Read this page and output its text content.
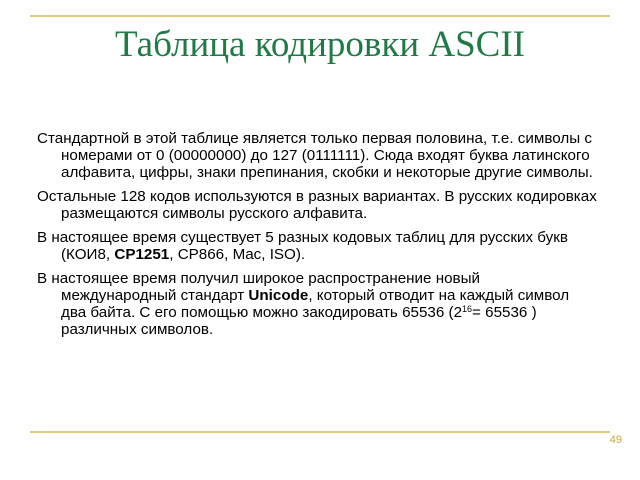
Таблица кодировки ASCII

Стандартной в этой таблице является только первая половина, т.е. символы с номерами от 0 (00000000) до 127 (0111111). Сюда входят буква латинского алфавита, цифры, знаки препинания, скобки и некоторые другие символы.

Остальные 128 кодов используются в разных вариантах. В русских кодировках размещаются символы русского алфавита.

В настоящее время существует 5 разных кодовых таблиц для русских букв (КОИ8, CP1251, CP866, Mac, ISO).

В настоящее время получил широкое распространение новый международный стандарт Unicode, который отводит на каждый символ два байта. С его помощью можно закодировать 65536 ($2^{16}= 65536$ ) различных символов.

49
